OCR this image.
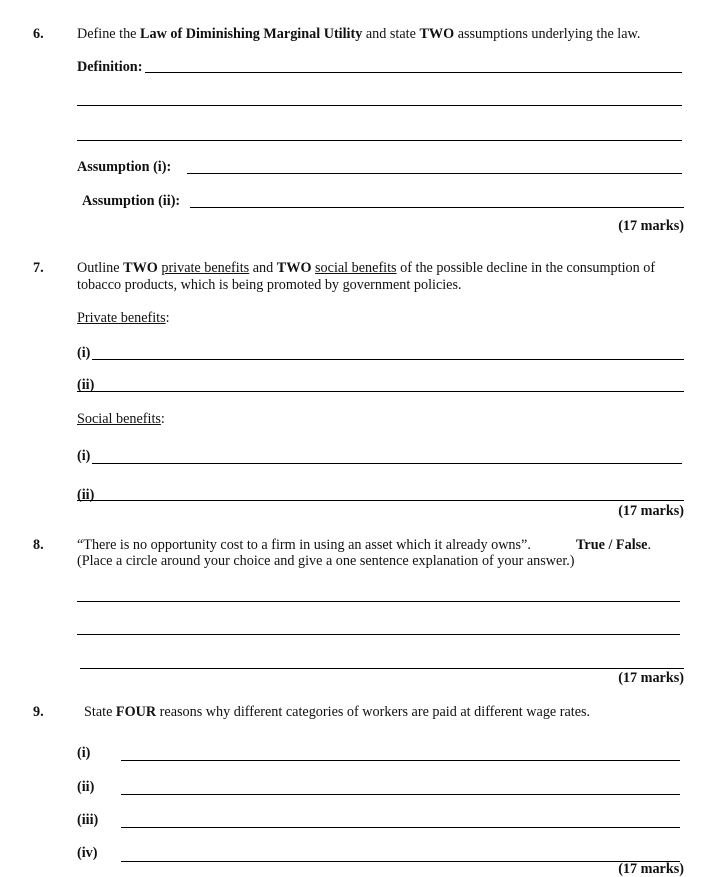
6. Define the Law of Diminishing Marginal Utility and state TWO assumptions underlying the law.
Definition:
Assumption (i):
Assumption (ii):
(17 marks)
7. Outline TWO private benefits and TWO social benefits of the possible decline in the consumption of
tobacco products, which is being promoted by government policies.
Private benefits:
(i)
(ii)
Social benefits:
(i)
(ii)
(17 marks)
8. “There is no opportunity cost to a firm in using an asset which it already owns”.	True / False.
(Place a circle around your choice and give a one sentence explanation of your answer.)
(17 marks)
9.	State FOUR reasons why different categories of workers are paid at different wage rates.
(i)
(ii)
(iii)
(iv)
(17 marks)
